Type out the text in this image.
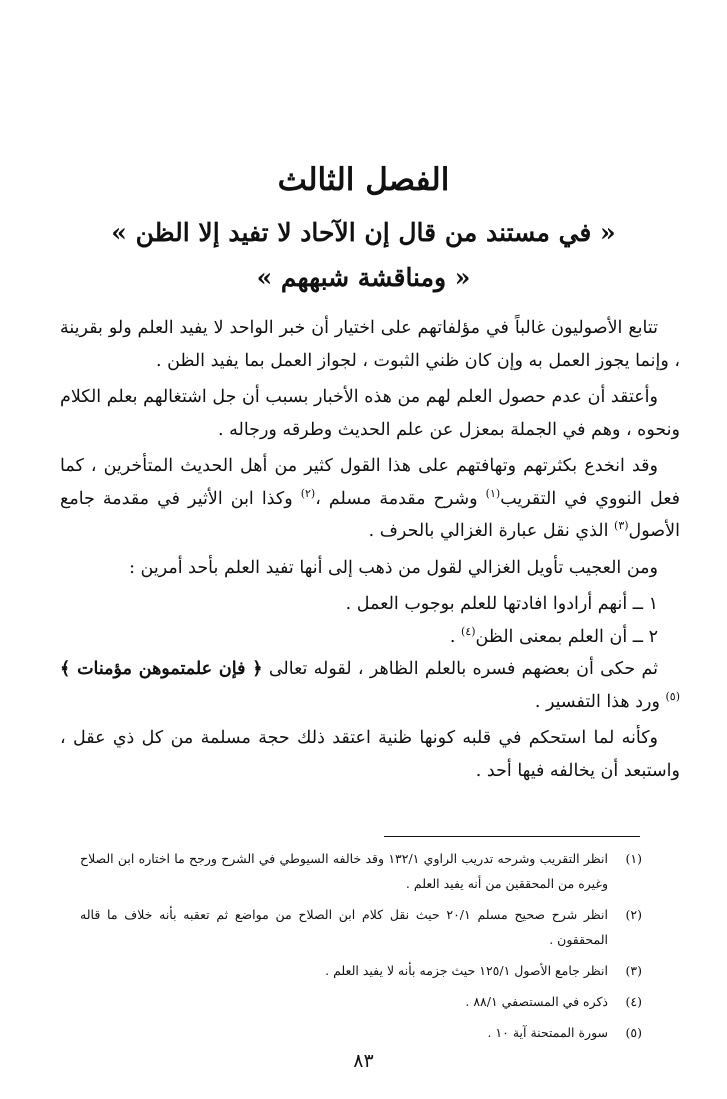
الفصل الثالث
« في مستند من قال إن الآحاد لا تفيد إلا الظن »
« ومناقشة شبههم »

تتابع الأصوليون غالباً في مؤلفاتهم على اختيار أن خبر الواحد لا يفيد العلم ولو بقرينة ، وإنما يجوز العمل به وإن كان ظني الثبوت ، لجواز العمل بما يفيد الظن .

وأعتقد أن عدم حصول العلم لهم من هذه الأخبار بسبب أن جل اشتغالهم بعلم الكلام ونحوه ، وهم في الجملة بمعزل عن علم الحديث وطرقه ورجاله .

وقد انخدع بكثرتهم وتهافتهم على هذا القول كثير من أهل الحديث المتأخرين ، كما فعل النووي في التقريب$^{(١)}$ وشرح مقدمة مسلم ،$^{(٢)}$ وكذا ابن الأثير في مقدمة جامع الأصول$^{(٣)}$ الذي نقل عبارة الغزالي بالحرف .

ومن العجيب تأويل الغزالي لقول من ذهب إلى أنها تفيد العلم بأحد أمرين :

١ ــ أنهم أرادوا افادتها للعلم بوجوب العمل .

٢ ــ أن العلم بمعنى الظن$^{(٤)}$ .

ثم حكى أن بعضهم فسره بالعلم الظاهر ، لقوله تعالى ﴿ فإن علمتموهن مؤمنات ﴾ $^{(٥)}$ ورد هذا التفسير .

وكأنه لما استحكم في قلبه كونها ظنية اعتقد ذلك حجة مسلمة من كل ذي عقل ، واستبعد أن يخالفه فيها أحد .

(١)
انظر التقريب وشرحه تدريب الراوي ١٣٢/١ وقد خالفه السيوطي في الشرح ورجح ما اختاره ابن الصلاح وغيره من المحققين من أنه يفيد العلم .
(٢)
انظر شرح صحيح مسلم ٢٠/١ حيث نقل كلام ابن الصلاح من مواضع ثم تعقبه بأنه خلاف ما قاله المحققون .
(٣)
انظر جامع الأصول ١٢٥/١ حيث جزمه بأنه لا يفيد العلم .
(٤)
ذكره في المستصفي ٨٨/١ .
(٥)
سورة الممتحنة آية ١٠ .
٨٣
